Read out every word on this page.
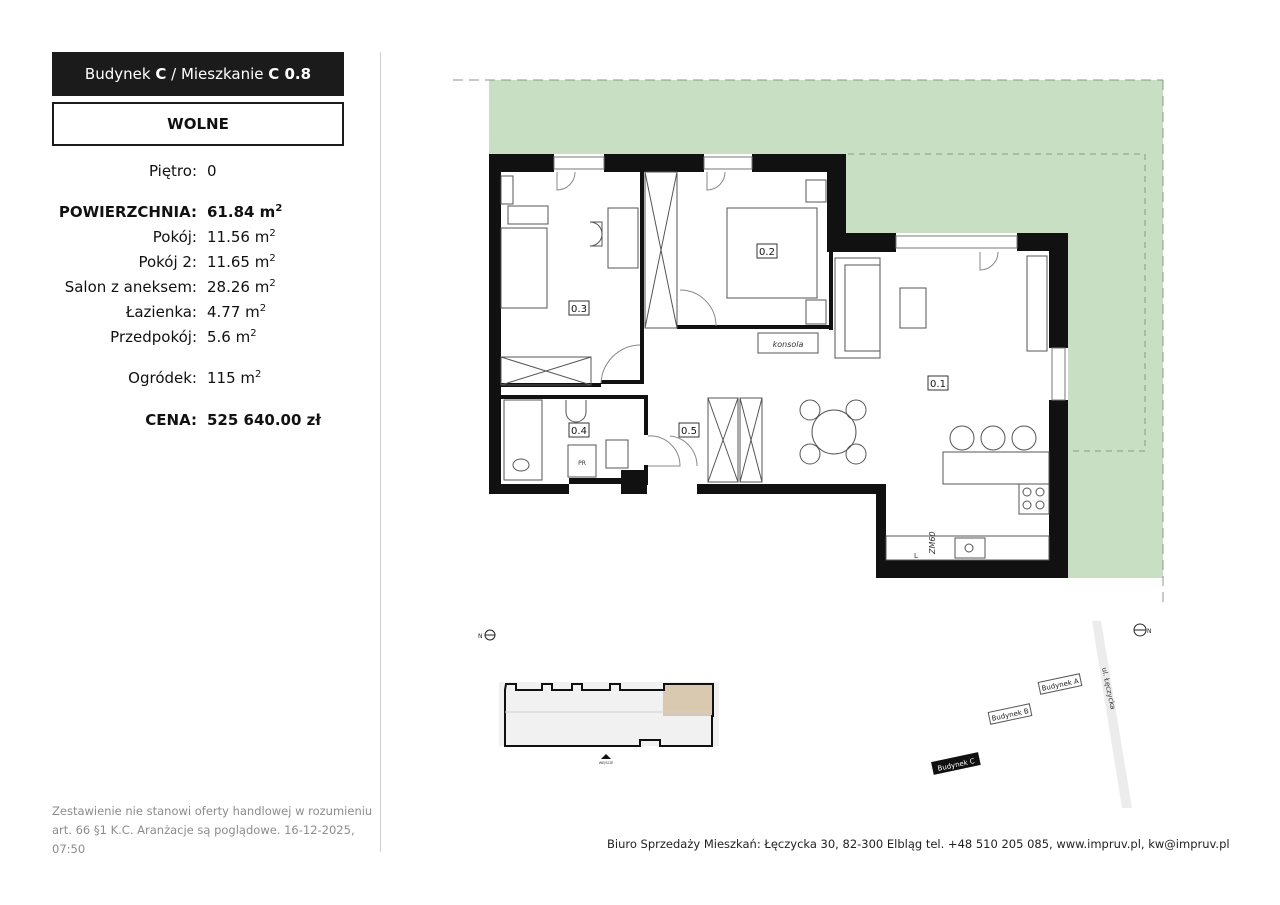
Budynek
C / Mieszkanie
C 0.8
WOLNE
Piętro: 0
POWIERZCHNIA: 61.84 $m^2$
Pokój: 11.56 $m^2$
Pokój 2: 11.65 $m^2$
Salon z aneksem: 28.26 $m^2$
Łazienka: 4.77 $m^2$
Przedpokój: 5.6 $m^2$
Ogródek: 115 $m^2$
CENA: 525 640.00 zł
Zestawienie nie stanowi oferty handlowej w rozumieniu art. 66 §1 K.C. Aranżacje są poglądowe. 16-12-2025, 07:50
0.1
0.2
0.3
0.4	0.5
konsola
ZM60
PR
L
N
N
WEJŚCIE
ul. Łęczycka
Budynek A
Budynek B
Budynek C
Biuro Sprzedaży Mieszkań: Łęczycka 30, 82-300 Elbląg tel. +48 510 205 085, www.impruv.pl, kw@impruv.pl
